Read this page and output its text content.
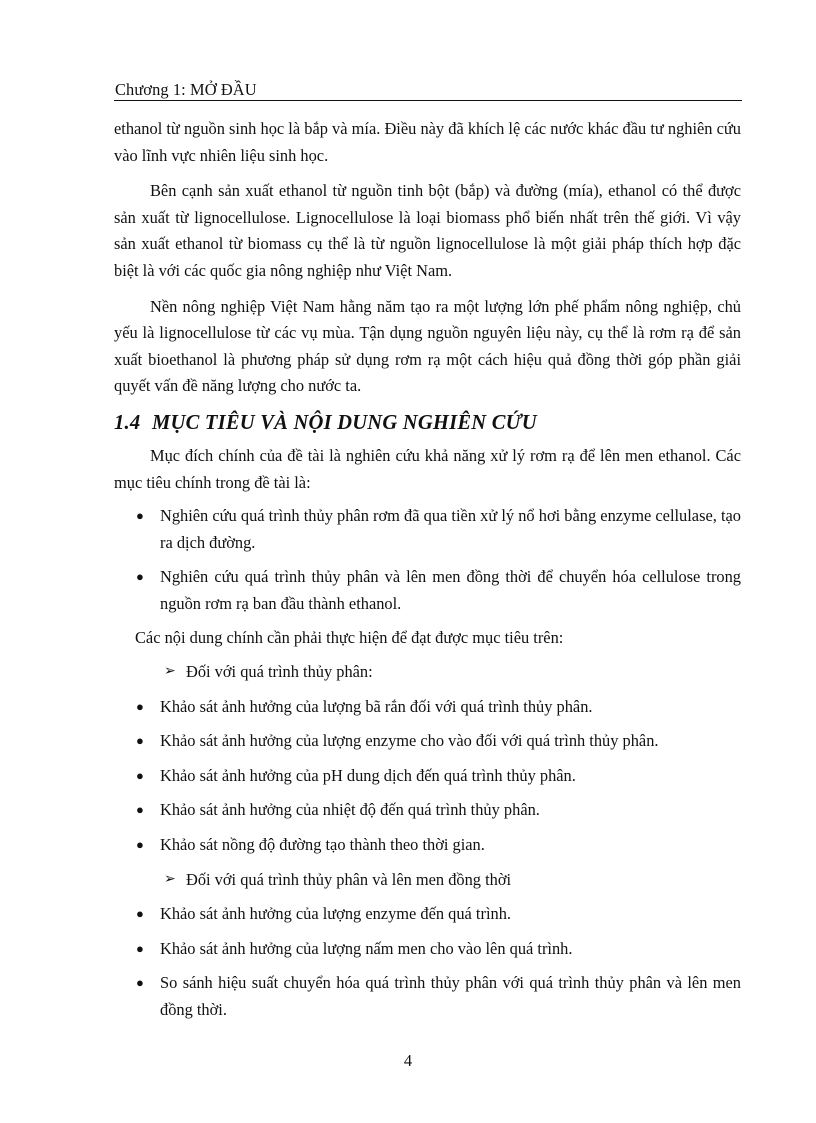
Chương 1: MỞ ĐẦU

ethanol từ nguồn sinh học là bắp và mía. Điều này đã khích lệ các nước khác đầu tư nghiên cứu vào lĩnh vực nhiên liệu sinh học.

Bên cạnh sản xuất ethanol từ nguồn tinh bột (bắp) và đường (mía), ethanol có thể được sản xuất từ lignocellulose. Lignocellulose là loại biomass phổ biến nhất trên thế giới. Vì vậy sản xuất ethanol từ biomass cụ thể là từ nguồn lignocellulose là một giải pháp thích hợp đặc biệt là với các quốc gia nông nghiệp như Việt Nam.

Nền nông nghiệp Việt Nam hằng năm tạo ra một lượng lớn phế phẩm nông nghiệp, chủ yếu là lignocellulose từ các vụ mùa. Tận dụng nguồn nguyên liệu này, cụ thể là rơm rạ để sản xuất bioethanol là phương pháp sử dụng rơm rạ một cách hiệu quả đồng thời góp phần giải quyết vấn đề năng lượng cho nước ta.

1.4 MỤC TIÊU VÀ NỘI DUNG NGHIÊN CỨU

Mục đích chính của đề tài là nghiên cứu khả năng xử lý rơm rạ để lên men ethanol. Các mục tiêu chính trong đề tài là:

● Nghiên cứu quá trình thủy phân rơm đã qua tiền xử lý nổ hơi bằng enzyme cellulase, tạo ra dịch đường.
● Nghiên cứu quá trình thủy phân và lên men đồng thời để chuyển hóa cellulose trong nguồn rơm rạ ban đầu thành ethanol.

Các nội dung chính cần phải thực hiện để đạt được mục tiêu trên:

➢ Đối với quá trình thủy phân:
● Khảo sát ảnh hưởng của lượng bã rắn đối với quá trình thủy phân.
● Khảo sát ảnh hưởng của lượng enzyme cho vào đối với quá trình thủy phân.
● Khảo sát ảnh hưởng của pH dung dịch đến quá trình thủy phân.
● Khảo sát ảnh hưởng của nhiệt độ đến quá trình thủy phân.
● Khảo sát nồng độ đường tạo thành theo thời gian.
➢ Đối với quá trình thủy phân và lên men đồng thời
● Khảo sát ảnh hưởng của lượng enzyme đến quá trình.
● Khảo sát ảnh hưởng của lượng nấm men cho vào lên quá trình.
● So sánh hiệu suất chuyển hóa quá trình thủy phân với quá trình thủy phân và lên men đồng thời.
4
